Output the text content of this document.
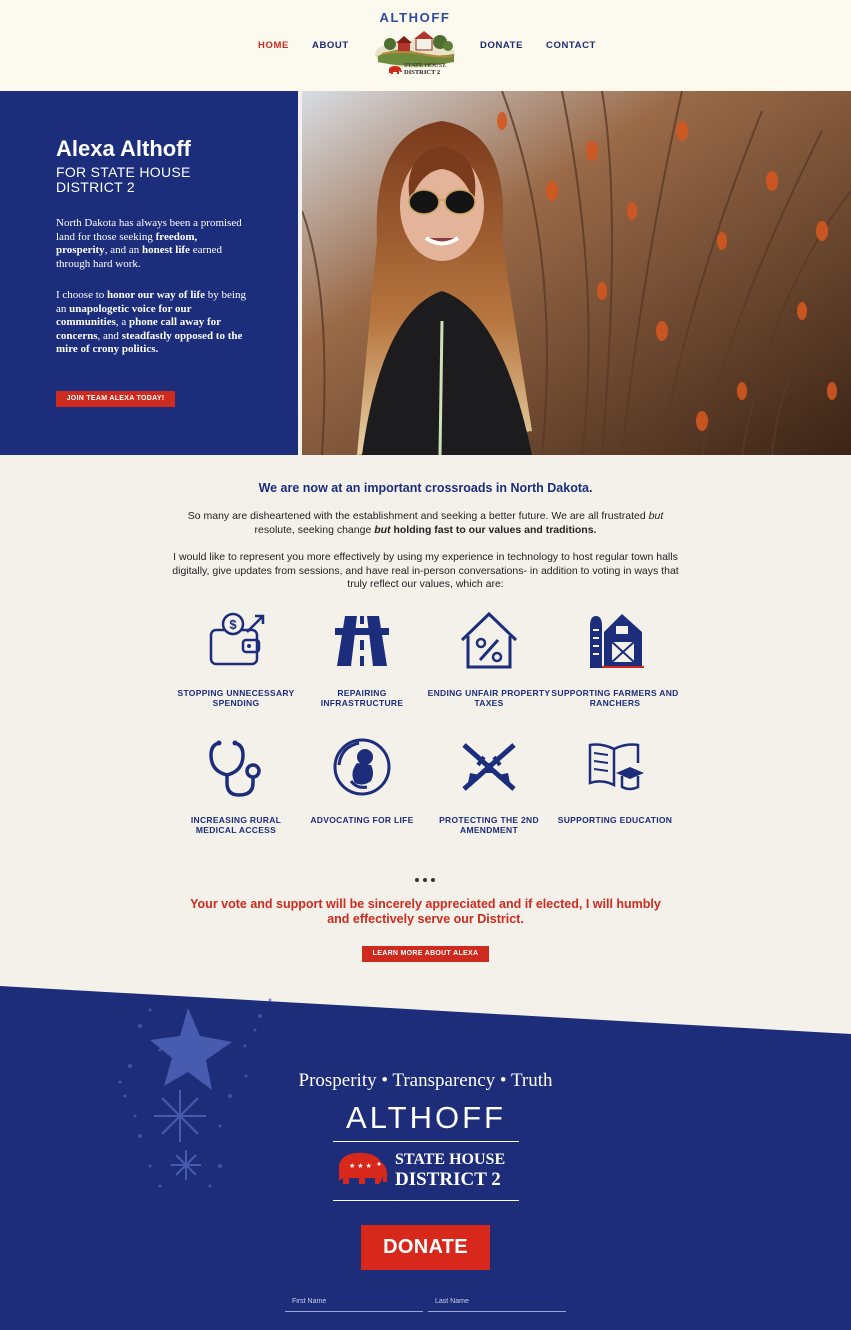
HOME ABOUT
ALTHOFF
STATE HOUSE
DISTRICT 2
DONATE CONTACT
Alexa Althoff
FOR STATE HOUSE DISTRICT 2

North Dakota has always been a promised land for those seeking freedom, prosperity, and an honest life earned through hard work.

I choose to honor our way of life by being an unapologetic voice for our communities, a phone call away for concerns, and steadfastly opposed to the mire of crony politics.

JOIN TEAM ALEXA TODAY!
We are now at an important crossroads in North Dakota.

So many are disheartened with the establishment and seeking a better future. We are all frustrated but resolute, seeking change but holding fast to our values and traditions.

I would like to represent you more effectively by using my experience in technology to host regular town halls digitally, give updates from sessions, and have real in-person conversations- in addition to voting in ways that truly reflect our values, which are:

$
STOPPING UNNECESSARY SPENDING
REPAIRING INFRASTRUCTURE
ENDING UNFAIR PROPERTY TAXES
SUPPORTING FARMERS AND RANCHERS
INCREASING RURAL MEDICAL ACCESS
ADVOCATING FOR LIFE	PROTECTING THE 2ND AMENDMENT
SUPPORTING EDUCATION
Your vote and support will be sincerely appreciated and if elected, I will humbly and effectively serve our District.
LEARN MORE ABOUT ALEXA
Prosperity • Transparency • Truth
ALTHOFF
★ ★ ★ STATE HOUSE
DISTRICT 2
DONATE
First Name
Last Name
